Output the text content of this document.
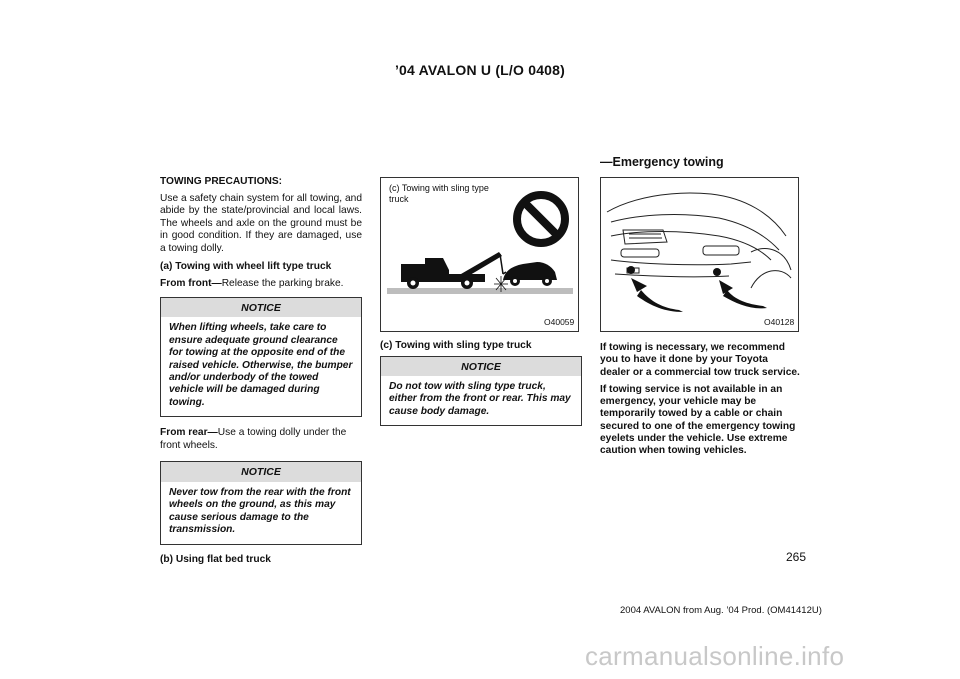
’04 AVALON U (L/O 0408)
—Emergency towing

TOWING PRECAUTIONS:

Use a safety chain system for all towing, and abide by the state/provincial and local laws. The wheels and axle on the ground must be in good condition. If they are damaged, use a towing dolly.

(a) Towing with wheel lift type truck

From front—Release the parking brake.

NOTICE
When lifting wheels, take care to ensure adequate ground clearance for towing at the opposite end of the raised vehicle. Otherwise, the bumper and/or underbody of the towed vehicle will be damaged during towing.

From rear—Use a towing dolly under the front wheels.

NOTICE
Never tow from the rear with the front wheels on the ground, as this may cause serious damage to the transmission.

(b) Using flat bed truck

(c) Towing with sling type truck
O40059
(c) Towing with sling type truck
NOTICE
Do not tow with sling type truck, either from the front or rear. This may cause body damage.
O40128

If towing is necessary, we recommend you to have it done by your Toyota dealer or a commercial tow truck service.

If towing service is not available in an emergency, your vehicle may be temporarily towed by a cable or chain secured to one of the emergency towing eyelets under the vehicle. Use extreme caution when towing vehicles.

265
2004 AVALON from Aug. ’04 Prod. (OM41412U)
carmanualsonline.info
